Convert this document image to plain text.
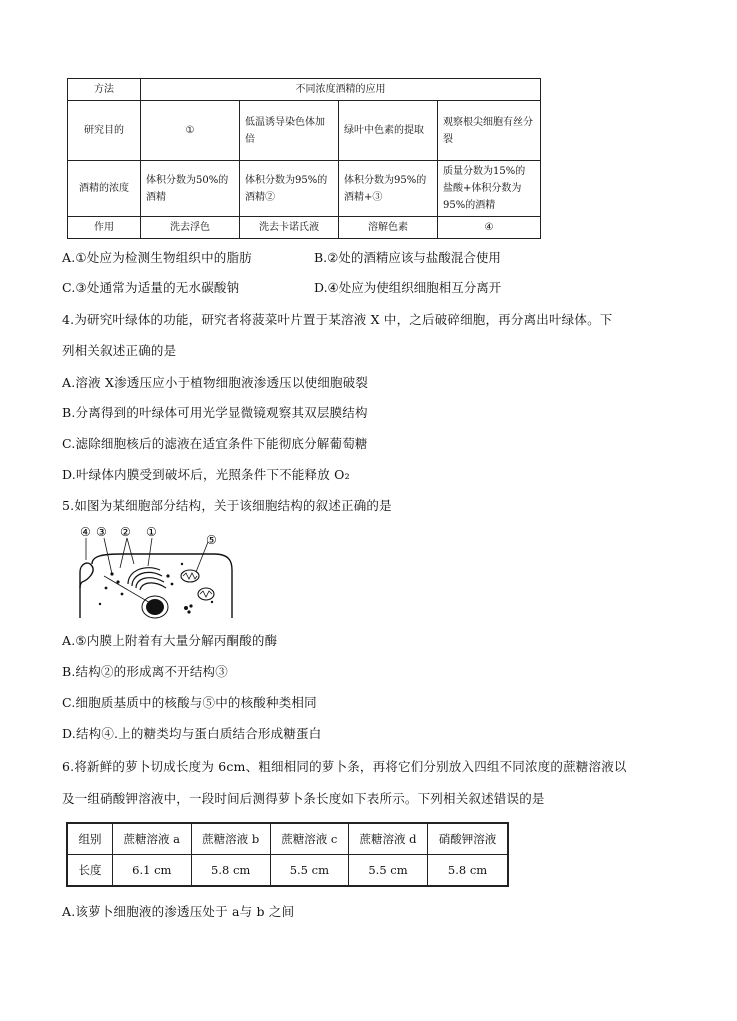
方法	不同浓度酒精的应用			
研究目的	①	低温诱导染色体加倍	绿叶中色素的提取	观察根尖细胞有丝分裂
酒精的浓度	体积分数为50%的酒精	体积分数为95%的酒精②	体积分数为95%的酒精+③	质量分数为15%的盐酸+体积分数为95%的酒精
作用	洗去浮色	洗去卡诺氏液	溶解色素	④
A.①处应为检测生物组织中的脂肪	B.②处的酒精应该与盐酸混合使用
C.③处通常为适量的无水碳酸钠	D.④处应为使组织细胞相互分离开
4.为研究叶绿体的功能，研究者将菠菜叶片置于某溶液 X 中，之后破碎细胞，再分离出叶绿体。下
列相关叙述正确的是
A.溶液 X渗透压应小于植物细胞液渗透压以使细胞破裂
B.分离得到的叶绿体可用光学显微镜观察其双层膜结构
C.滤除细胞核后的滤液在适宜条件下能彻底分解葡萄糖
D.叶绿体内膜受到破坏后，光照条件下不能释放 O₂
5.如图为某细胞部分结构，关于该细胞结构的叙述正确的是
④ ③ ② ①
⑤
A.⑤内膜上附着有大量分解丙酮酸的酶
B.结构②的形成离不开结构③
C.细胞质基质中的核酸与⑤中的核酸种类相同
D.结构④.上的糖类均与蛋白质结合形成糖蛋白
6.将新鲜的萝卜切成长度为 6cm、粗细相同的萝卜条，再将它们分别放入四组不同浓度的蔗糖溶液以
及一组硝酸钾溶液中，一段时间后测得萝卜条长度如下表所示。下列相关叙述错误的是
组别	蔗糖溶液 a	蔗糖溶液 b	蔗糖溶液 c	蔗糖溶液 d	硝酸钾溶液
长度	6.1 cm	5.8 cm	5.5 cm	5.5 cm	5.8 cm
A.该萝卜细胞液的渗透压处于 a与 b 之间
